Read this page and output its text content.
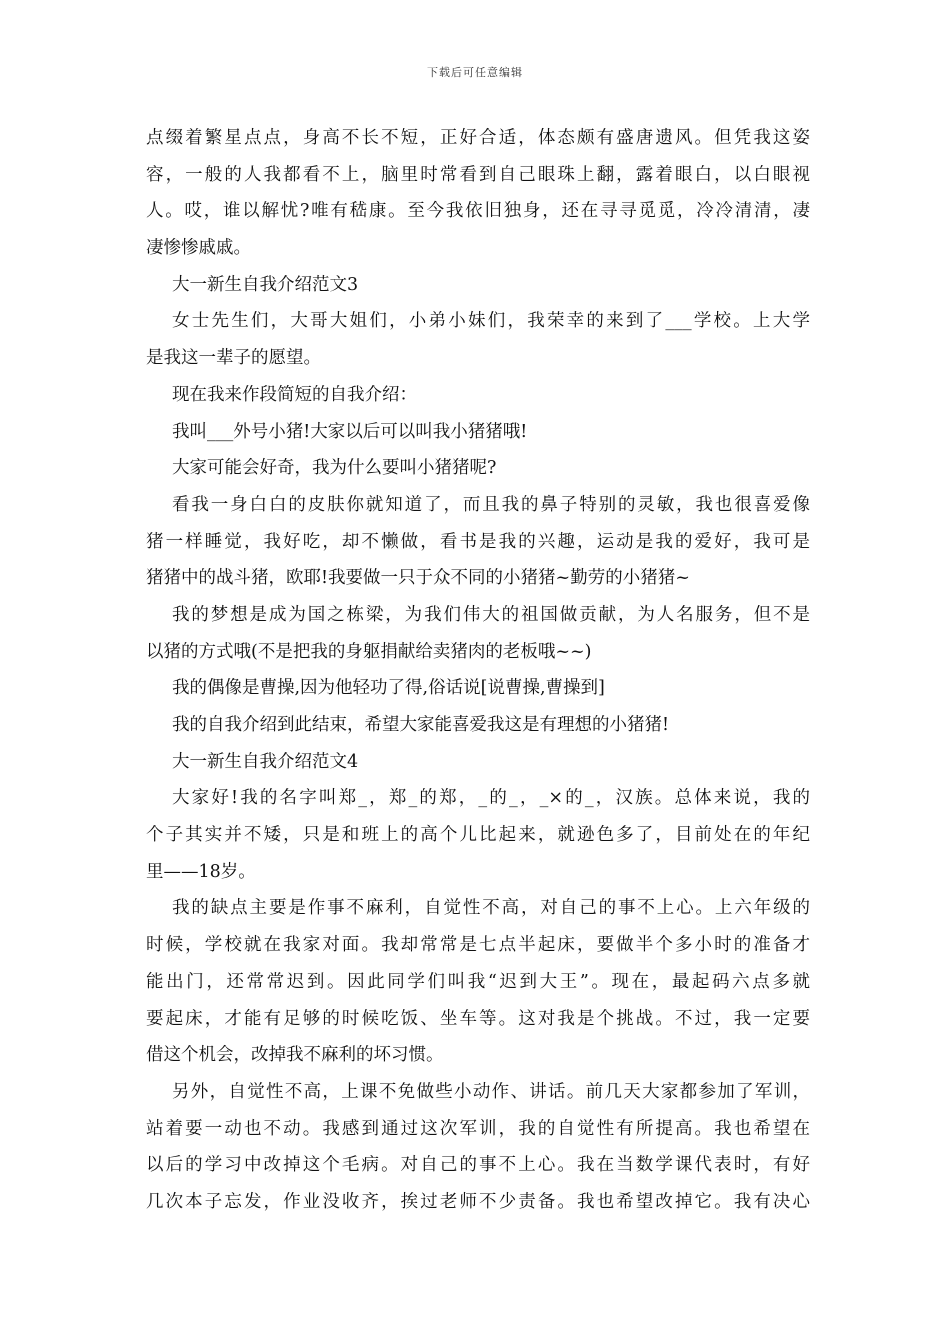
下载后可任意编辑
点缀着繁星点点，身高不长不短，正好合适，体态颇有盛唐遗风。但凭我这姿
容，一般的人我都看不上，脑里时常看到自己眼珠上翻，露着眼白，以白眼视
人。哎，谁以解忧?唯有嵇康。至今我依旧独身，还在寻寻觅觅，冷冷清清，凄
凄惨惨戚戚。
大一新生自我介绍范文3
女士先生们，大哥大姐们，小弟小妹们，我荣幸的来到了___学校。上大学
是我这一辈子的愿望。
现在我来作段简短的自我介绍：
我叫___外号小猪!大家以后可以叫我小猪猪哦!
大家可能会好奇，我为什么要叫小猪猪呢?
看我一身白白的皮肤你就知道了，而且我的鼻子特别的灵敏，我也很喜爱像
猪一样睡觉，我好吃，却不懒做，看书是我的兴趣，运动是我的爱好，我可是
猪猪中的战斗猪，欧耶!我要做一只于众不同的小猪猪~勤劳的小猪猪~
我的梦想是成为国之栋梁，为我们伟大的祖国做贡献，为人名服务，但不是
以猪的方式哦(不是把我的身躯捐献给卖猪肉的老板哦~~)
我的偶像是曹操,因为他轻功了得,俗话说[说曹操,曹操到]
我的自我介绍到此结束，希望大家能喜爱我这是有理想的小猪猪!
大一新生自我介绍范文4
大家好!我的名字叫郑_，郑_的郑，_的_，_×的_，汉族。总体来说，我的
个子其实并不矮，只是和班上的高个儿比起来，就逊色多了，目前处在的年纪
里——18岁。
我的缺点主要是作事不麻利，自觉性不高，对自己的事不上心。上六年级的
时候，学校就在我家对面。我却常常是七点半起床，要做半个多小时的准备才
能出门，还常常迟到。因此同学们叫我“迟到大王”。现在，最起码六点多就
要起床，才能有足够的时候吃饭、坐车等。这对我是个挑战。不过，我一定要
借这个机会，改掉我不麻利的坏习惯。
另外，自觉性不高，上课不免做些小动作、讲话。前几天大家都参加了军训，
站着要一动也不动。我感到通过这次军训，我的自觉性有所提高。我也希望在
以后的学习中改掉这个毛病。对自己的事不上心。我在当数学课代表时，有好
几次本子忘发，作业没收齐，挨过老师不少责备。我也希望改掉它。我有决心
